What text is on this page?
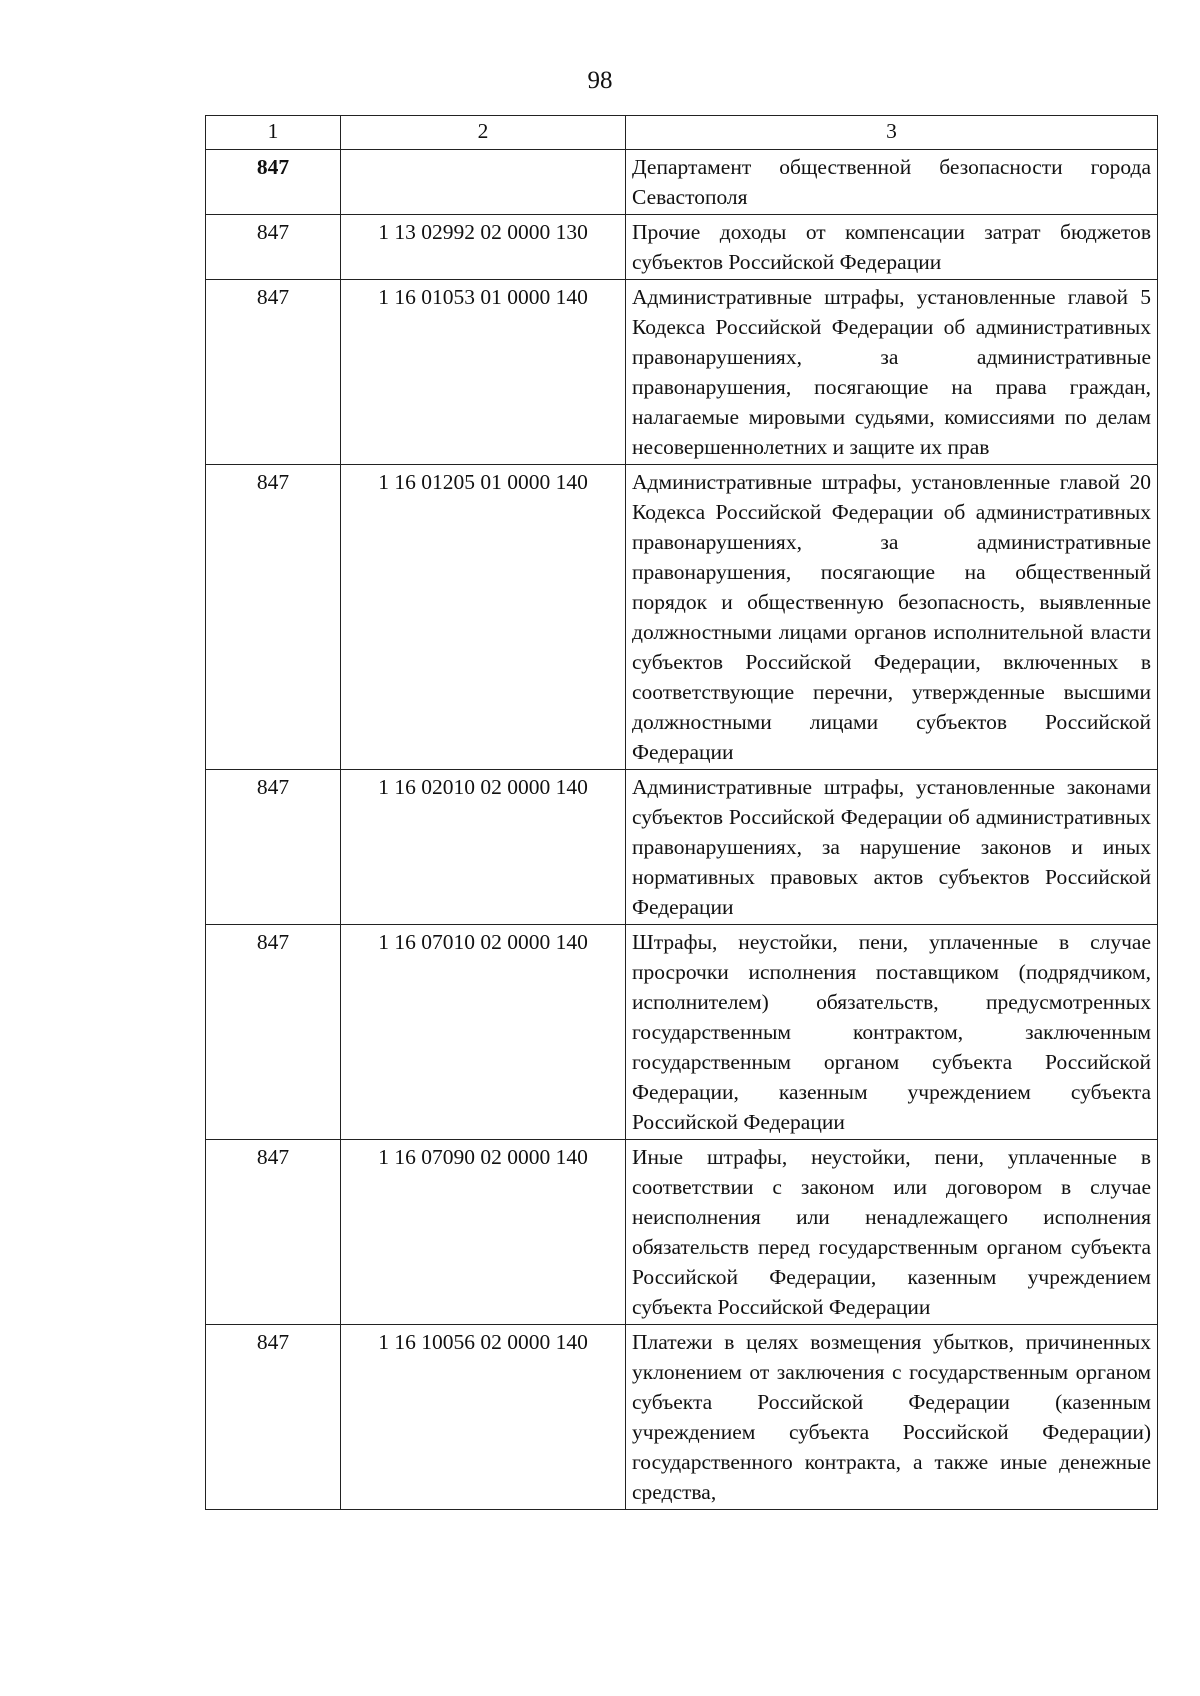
98
1	2	3
847		Департамент общественной безопасности города Севастополя
847	1 13 02992 02 0000 130	Прочие доходы от компенсации затрат бюджетов субъектов Российской Федерации
847	1 16 01053 01 0000 140	Административные штрафы, установленные главой 5 Кодекса Российской Федерации об административных правонарушениях, за административные правонарушения, посягающие на права граждан, налагаемые мировыми судьями, комиссиями по делам несовершеннолетних и защите их прав
847	1 16 01205 01 0000 140	Административные штрафы, установленные главой 20 Кодекса Российской Федерации об административных правонарушениях, за административные правонарушения, посягающие на общественный порядок и общественную безопасность, выявленные должностными лицами органов исполнительной власти субъектов Российской Федерации, включенных в соответствующие перечни, утвержденные высшими должностными лицами субъектов Российской Федерации
847	1 16 02010 02 0000 140	Административные штрафы, установленные законами субъектов Российской Федерации об административных правонарушениях, за нарушение законов и иных нормативных правовых актов субъектов Российской Федерации
847	1 16 07010 02 0000 140	Штрафы, неустойки, пени, уплаченные в случае просрочки исполнения поставщиком (подрядчиком, исполнителем) обязательств, предусмотренных государственным контрактом, заключенным государственным органом субъекта Российской Федерации, казенным учреждением субъекта Российской Федерации
847	1 16 07090 02 0000 140	Иные штрафы, неустойки, пени, уплаченные в соответствии с законом или договором в случае неисполнения или ненадлежащего исполнения обязательств перед государственным органом субъекта Российской Федерации, казенным учреждением субъекта Российской Федерации
847	1 16 10056 02 0000 140	Платежи в целях возмещения убытков, причиненных уклонением от заключения с государственным органом субъекта Российской Федерации (казенным учреждением субъекта Российской Федерации) государственного контракта, а также иные денежные средства,
